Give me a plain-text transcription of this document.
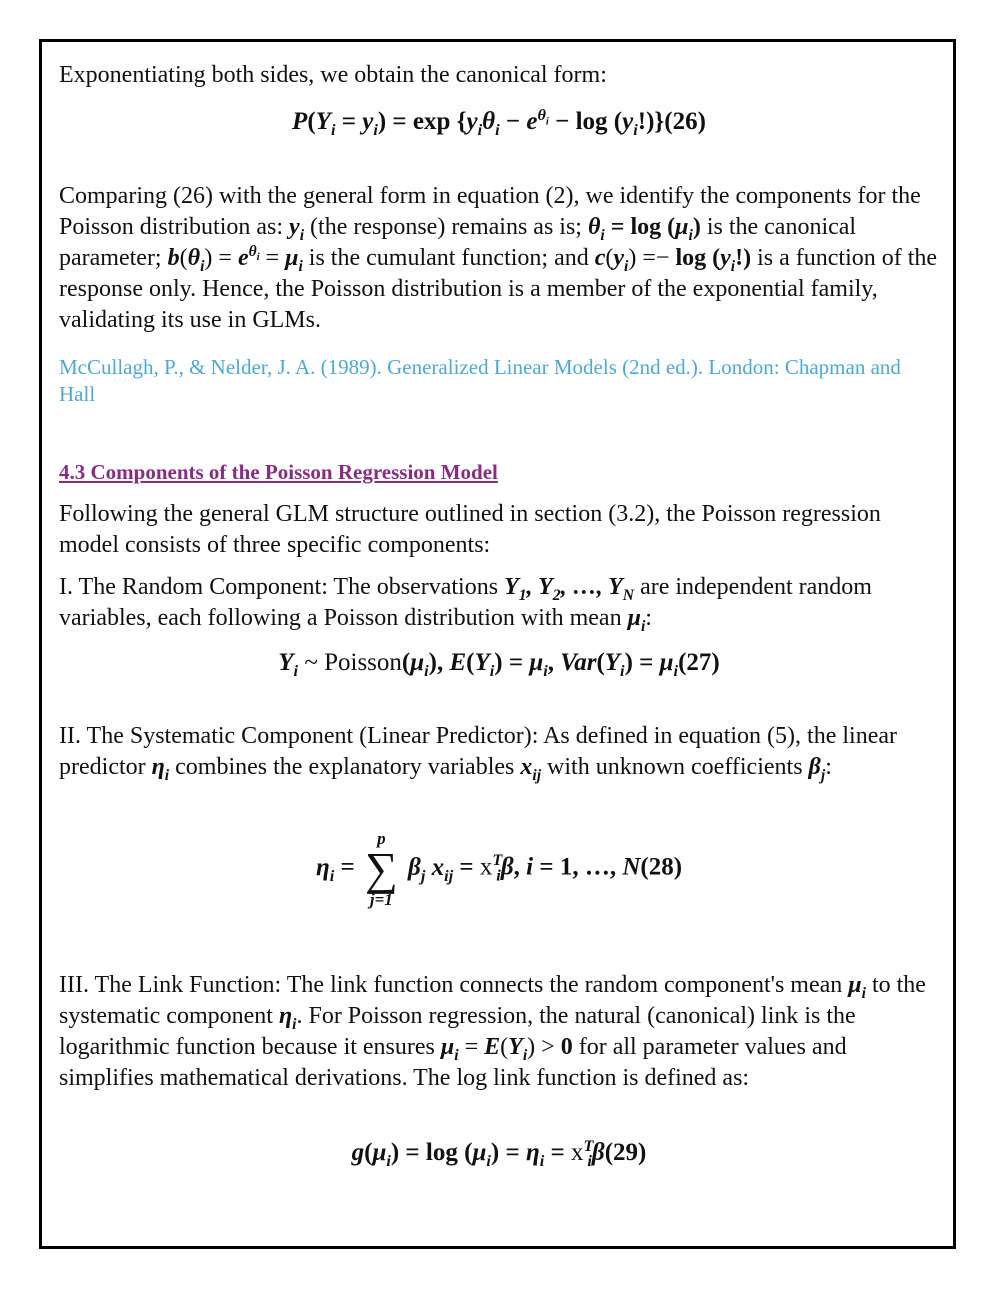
Exponentiating both sides, we obtain the canonical form:

$P(Y_i = y_i) = \exp \{y_i\theta_i - e^{\theta_i} - \log (y_i!)\}(26)$

Comparing (26) with the general form in equation (2), we identify the components for the Poisson distribution as: $y_i$ (the response) remains as is; $\theta_i = \log (\mu_i)$ is the canonical parameter; $b(\theta_i) = e^{\theta_i} = \mu_i$ is the cumulant function; and $c(y_i) =- \log (y_i!)$ is a function of the response only. Hence, the Poisson distribution is a member of the exponential family, validating its use in GLMs.

McCullagh, P., & Nelder, J. A. (1989). Generalized Linear Models (2nd ed.). London: Chapman and Hall

4.3 Components of the Poisson Regression Model

Following the general GLM structure outlined in section (3.2), the Poisson regression model consists of three specific components:

I. The Random Component: The observations $Y_1$, $Y_2$, …, $Y_N$ are independent random variables, each following a Poisson distribution with mean $\mu_i$:

$Y_i$ ~ $Poisson(\mu_i)$, $E(Y_i) = \mu_i$, $Var(Y_i) = \mu_i(27)$

II. The Systematic Component (Linear Predictor): As defined in equation (5), the linear predictor $\eta_i$ combines the explanatory variables $x_{ij}$ with unknown coefficients $\beta_j$:

$\eta_i$ =
p
∑
j=1
$\beta_j$ $x_{ij} = x^T_i\beta$, i = 1, …, N(28)

III. The Link Function: The link function connects the random component's mean $\mu_i$ to the systematic component $\eta_i$. For Poisson regression, the natural (canonical) link is the logarithmic function because it ensures $\mu_i = E(Y_i) > 0$ for all parameter values and simplifies mathematical derivations. The log link function is defined as:

$g(\mu_i) = \log (\mu_i) = \eta_i = x^T_i\beta(29)$
